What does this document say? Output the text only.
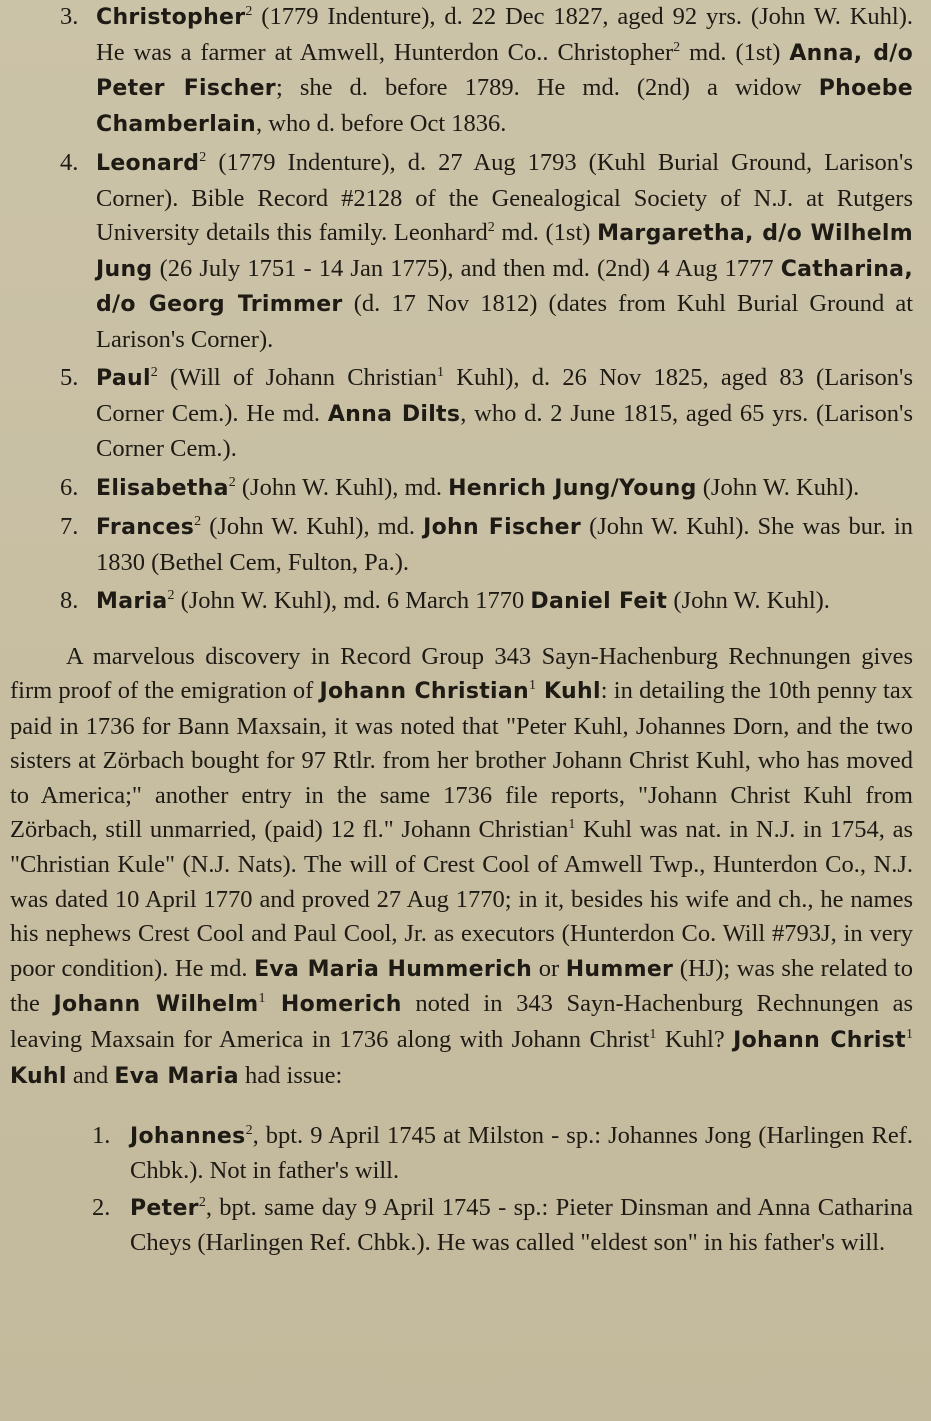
3. Christopher$^2$ (1779 Indenture), d. 22 Dec 1827, aged 92 yrs. (John W. Kuhl). He was a farmer at Amwell, Hunterdon Co.. Christopher$^2$ md. (1st) Anna, d/o Peter Fischer; she d. before 1789. He md. (2nd) a widow Phoebe Chamberlain, who d. before Oct 1836.
4. Leonard$^2$ (1779 Indenture), d. 27 Aug 1793 (Kuhl Burial Ground, Larison's Corner). Bible Record #2128 of the Genealogical Society of N.J. at Rutgers University details this family. Leonhard$^2$ md. (1st) Margaretha, d/o Wilhelm Jung (26 July 1751 - 14 Jan 1775), and then md. (2nd) 4 Aug 1777 Catharina, d/o Georg Trimmer (d. 17 Nov 1812) (dates from Kuhl Burial Ground at Larison's Corner).
5. Paul$^2$ (Will of Johann Christian$^1$ Kuhl), d. 26 Nov 1825, aged 83 (Larison's Corner Cem.). He md. Anna Dilts, who d. 2 June 1815, aged 65 yrs. (Larison's Corner Cem.).
6. Elisabetha$^2$ (John W. Kuhl), md. Henrich Jung/Young (John W. Kuhl).
7. Frances$^2$ (John W. Kuhl), md. John Fischer (John W. Kuhl). She was bur. in 1830 (Bethel Cem, Fulton, Pa.).
8. Maria$^2$ (John W. Kuhl), md. 6 March 1770 Daniel Feit (John W. Kuhl).

A marvelous discovery in Record Group 343 Sayn-Hachenburg Rechnungen gives firm proof of the emigration of Johann Christian$^1$ Kuhl: in detailing the 10th penny tax paid in 1736 for Bann Maxsain, it was noted that "Peter Kuhl, Johannes Dorn, and the two sisters at Zörbach bought for 97 Rtlr. from her brother Johann Christ Kuhl, who has moved to America;" another entry in the same 1736 file reports, "Johann Christ Kuhl from Zörbach, still unmarried, (paid) 12 fl." Johann Christian$^1$ Kuhl was nat. in N.J. in 1754, as "Christian Kule" (N.J. Nats). The will of Crest Cool of Amwell Twp., Hunterdon Co., N.J. was dated 10 April 1770 and proved 27 Aug 1770; in it, besides his wife and ch., he names his nephews Crest Cool and Paul Cool, Jr. as executors (Hunterdon Co. Will #793J, in very poor condition). He md. Eva Maria Hummerich or Hummer (HJ); was she related to the Johann Wilhelm$^1$ Homerich noted in 343 Sayn-Hachenburg Rechnungen as leaving Maxsain for America in 1736 along with Johann Christ$^1$ Kuhl? Johann Christ$^1$ Kuhl and Eva Maria had issue:

1. Johannes$^2$, bpt. 9 April 1745 at Milston - sp.: Johannes Jong (Harlingen Ref. Chbk.). Not in father's will.
2. Peter$^2$, bpt. same day 9 April 1745 - sp.: Pieter Dinsman and Anna Catharina Cheys (Harlingen Ref. Chbk.). He was called "eldest son" in his father's will.
